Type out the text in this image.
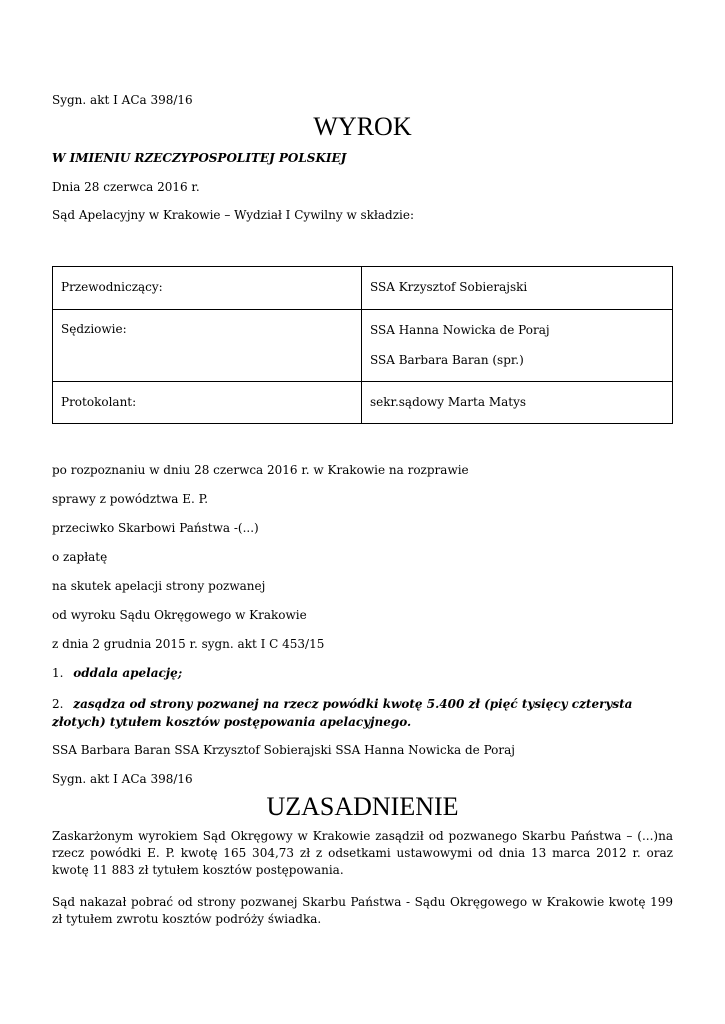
Sygn. akt I ACa 398/16
WYROK
W IMIENIU RZECZYPOSPOLITEJ POLSKIEJ
Dnia 28 czerwca 2016 r.
Sąd Apelacyjny w Krakowie – Wydział I Cywilny w składzie:
Przewodniczący:	SSA Krzysztof Sobierajski
Sędziowie:	SSA Hanna Nowicka de Poraj
SSA Barbara Baran (spr.)

Protokolant:	sekr.sądowy Marta Matys
po rozpoznaniu w dniu 28 czerwca 2016 r. w Krakowie na rozprawie
sprawy z powództwa E. P.
przeciwko Skarbowi Państwa -(...)
o zapłatę
na skutek apelacji strony pozwanej
od wyroku Sądu Okręgowego w Krakowie
z dnia 2 grudnia 2015 r. sygn. akt I C 453/15
1. oddala apelację;
2. zasądza od strony pozwanej na rzecz powódki kwotę 5.400 zł (pięć tysięcy czterysta złotych) tytułem kosztów postępowania apelacyjnego.
SSA Barbara Baran SSA Krzysztof Sobierajski SSA Hanna Nowicka de Poraj
Sygn. akt I ACa 398/16
UZASADNIENIE
Zaskarżonym wyrokiem Sąd Okręgowy w Krakowie zasądził od pozwanego Skarbu Państwa – (...)na rzecz powódki E. P. kwotę 165 304,73 zł z odsetkami ustawowymi od dnia 13 marca 2012 r. oraz kwotę 11 883 zł tytułem kosztów postępowania.
Sąd nakazał pobrać od strony pozwanej Skarbu Państwa - Sądu Okręgowego w Krakowie kwotę 199 zł tytułem zwrotu kosztów podróży świadka.
